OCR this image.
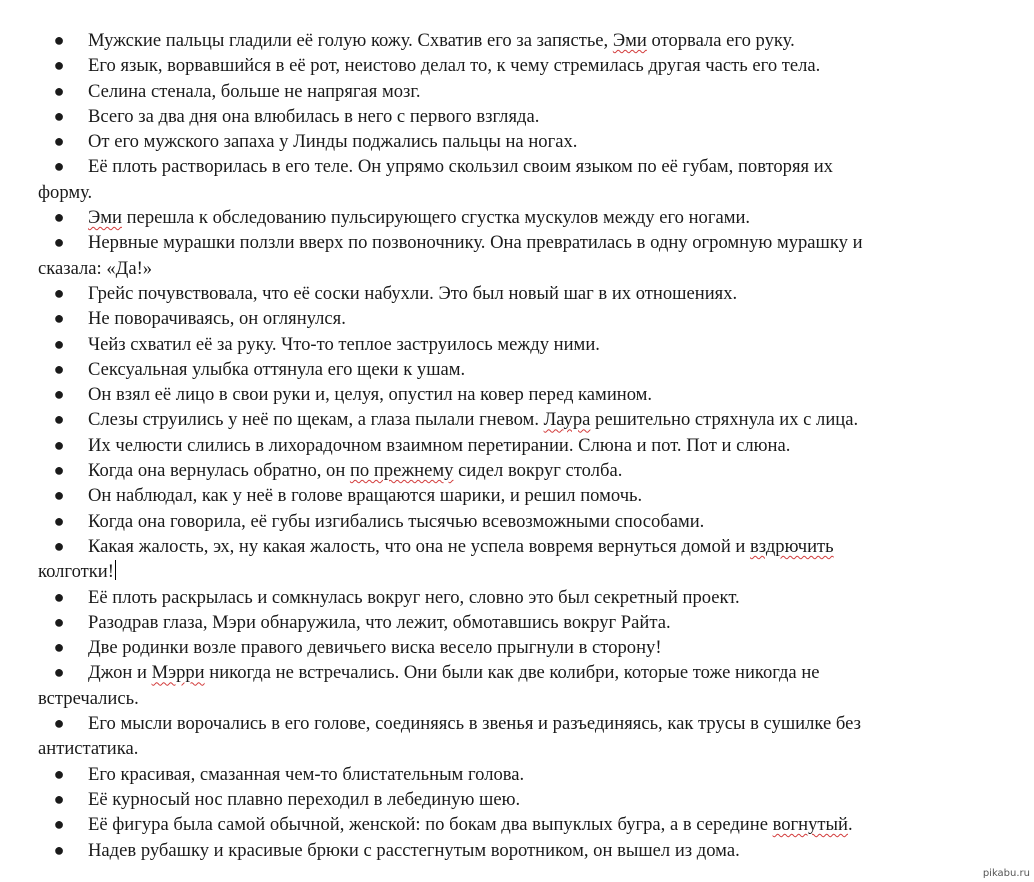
● Мужские пальцы гладили её голую кожу. Схватив его за запястье, Эми оторвала его руку.
● Его язык, ворвавшийся в её рот, неистово делал то, к чему стремилась другая часть его тела.
● Селина стенала, больше не напрягая мозг.
● Всего за два дня она влюбилась в него с первого взгляда.
● От его мужского запаха у Линды поджались пальцы на ногах.
● Её плоть растворилась в его теле. Он упрямо скользил своим языком по её губам, повторяя их
форму.
● Эми перешла к обследованию пульсирующего сгустка мускулов между его ногами.
● Нервные мурашки ползли вверх по позвоночнику. Она превратилась в одну огромную мурашку и
сказала: «Да!»
● Грейс почувствовала, что её соски набухли. Это был новый шаг в их отношениях.
● Не поворачиваясь, он оглянулся.
● Чейз схватил её за руку. Что-то теплое заструилось между ними.
● Сексуальная улыбка оттянула его щеки к ушам.
● Он взял её лицо в свои руки и, целуя, опустил на ковер перед камином.
● Слезы струились у неё по щекам, а глаза пылали гневом. Лаура решительно стряхнула их с лица.
● Их челюсти слились в лихорадочном взаимном перетирании. Слюна и пот. Пот и слюна.
● Когда она вернулась обратно, он по прежнему сидел вокруг столба.
● Он наблюдал, как у неё в голове вращаются шарики, и решил помочь.
● Когда она говорила, её губы изгибались тысячью всевозможными способами.
● Какая жалость, эх, ну какая жалость, что она не успела вовремя вернуться домой и вздрючить
колготки!
● Её плоть раскрылась и сомкнулась вокруг него, словно это был секретный проект.
● Разодрав глаза, Мэри обнаружила, что лежит, обмотавшись вокруг Райта.
● Две родинки возле правого девичьего виска весело прыгнули в сторону!
● Джон и Мэрри никогда не встречались. Они были как две колибри, которые тоже никогда не
встречались.
● Его мысли ворочались в его голове, соединяясь в звенья и разъединяясь, как трусы в сушилке без
антистатика.
● Его красивая, смазанная чем-то блистательным голова.
● Её курносый нос плавно переходил в лебединую шею.
● Её фигура была самой обычной, женской: по бокам два выпуклых бугра, а в середине вогнутый.
● Надев рубашку и красивые брюки с расстегнутым воротником, он вышел из дома.
pikabu.ru
